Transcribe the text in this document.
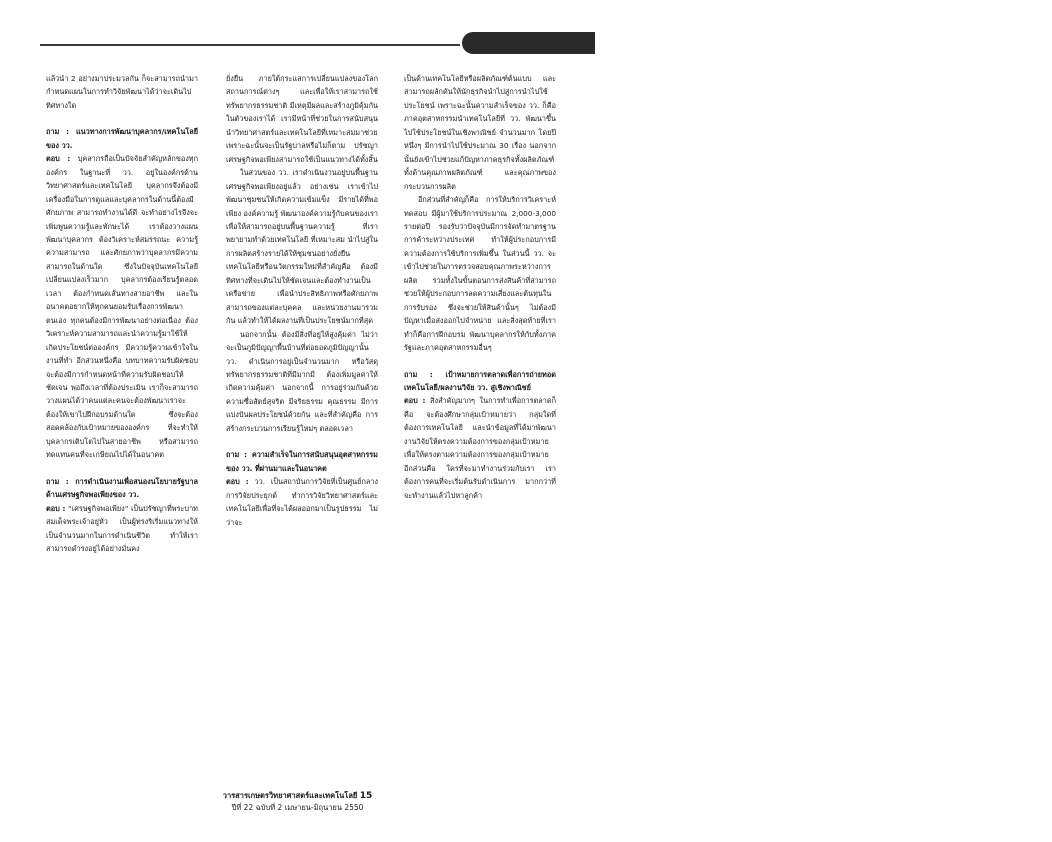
คุยเฟื่องเรื่องวิทย์

แล้วนำ 2 อย่างมาประมวลกัน ก็จะสามารถนำมากำหนดแผนในการทำวิจัยพัฒนาได้ว่าจะเดินไปทิศทางใด

ถาม : แนวทางการพัฒนาบุคลากร/เทคโนโลยีของ วว.

ตอบ : บุคลากรถือเป็นปัจจัยสำคัญหลักของทุกองค์กร ในฐานะที่ วว. อยู่ในองค์กรด้านวิทยาศาสตร์และเทคโนโลยี บุคลากรจึงต้องมีเครื่องมือในการดูแลและบุคลากรในด้านนี้ต้องมีศักยภาพ สามารถทำงานได้ดี จะทำอย่างไรจึงจะเพิ่มพูนความรู้และทักษะได้ เราต้องวางแผนพัฒนาบุคลากร ต้องวิเคราะห์สมรรถนะ ความรู้ความสามารถ และศักยภาพว่าบุคลากรมีความสามารถในด้านใด ซึ่งในปัจจุบันเทคโนโลยีเปลี่ยนแปลงเร็วมาก บุคลากรต้องเรียนรู้ตลอดเวลา ต้องกำหนดเส้นทางสายอาชีพ และในอนาคตอยากให้ทุกคนยอมรับเรื่องการพัฒนาตนเอง ทุกคนต้องมีการพัฒนาอย่างต่อเนื่อง ต้องวิเคราะห์ความสามารถและนำความรู้มาใช้ให้เกิดประโยชน์ต่อองค์กร มีความรู้ความเข้าใจในงานที่ทำ อีกส่วนหนึ่งคือ บทบาทความรับผิดชอบ จะต้องมีการกำหนดหน้าที่ความรับผิดชอบให้ชัดเจน พอถึงเวลาที่ต้องประเมิน เราก็จะสามารถวางแผนได้ว่าคนแต่ละคนจะต้องพัฒนาเราจะต้องให้เขาไปฝึกอบรมด้านใด ซึ่งจะต้องสอดคล้องกับเป้าหมายขององค์กร ที่จะทำให้บุคลากรเติบโตไปในสายอาชีพ หรือสามารถทดแทนคนที่จะเกษียณไปได้ในอนาคต

ถาม : การดำเนินงานเพื่อสนองนโยบายรัฐบาลด้านเศรษฐกิจพอเพียงของ วว.

ตอบ : “เศรษฐกิจพอเพียง” เป็นปรัชญาที่พระบาทสมเด็จพระเจ้าอยู่หัว เป็นผู้ทรงริเริ่มแนวทางให้เป็นจำนวนมากในการดำเนินชีวิต ทำให้เราสามารถดำรงอยู่ได้อย่างมั่นคง

ยั่งยืน ภายใต้กระแสการเปลี่ยนแปลงของโลกสถานการณ์ต่างๆ และเพื่อให้เราสามารถใช้ทรัพยากรธรรมชาติ มีเหตุมีผลและสร้างภูมิคุ้มกันในตัวของเราได้ เรามีหน้าที่ช่วยในการสนับสนุน นำวิทยาศาสตร์และเทคโนโลยีที่เหมาะสมมาช่วย เพราะฉะนั้นจะเป็นรัฐบาลหรือไม่ก็ตาม ปรัชญาเศรษฐกิจพอเพียงสามารถใช้เป็นแนวทางได้ทั้งสิ้น

ในส่วนของ วว. เราดำเนินงานอยู่บนพื้นฐานเศรษฐกิจพอเพียงอยู่แล้ว อย่างเช่น เราเข้าไปพัฒนาชุมชนให้เกิดความเข้มแข็ง มีรายได้ที่พอเพียง องค์ความรู้ พัฒนาองค์ความรู้กับคนของเรา เพื่อให้สามารถอยู่บนพื้นฐานความรู้ ที่เราพยายามทำด้วยเทคโนโลยี ที่เหมาะสม นำไปสู่ในการผลิตสร้างรายได้ให้ชุมชนอย่างยั่งยืน เทคโนโลยีหรือนวัตกรรมใหม่ที่สำคัญคือ ต้องมีทิศทางที่จะเดินไปให้ชัดเจนและต้องทำงานเป็นเครือข่าย เพื่อนำประสิทธิภาพหรือศักยภาพสามารถของแต่ละบุคคล และหน่วยงานมารวมกัน แล้วทำให้ได้ผลงานที่เป็นประโยชน์มากที่สุด

นอกจากนั้น ต้องมีสิ่งที่อยู่ให้สูงคุ้มค่า ไม่ว่าจะเป็นภูมิปัญญาพื้นบ้านที่ต่อยอดภูมิปัญญานั้น วว. ดำเนินการอยู่เป็นจำนวนมาก หรือวัสดุ ทรัพยากรธรรมชาติที่มีมากมี ต้องเพิ่มมูลค่าให้เกิดความคุ้มค่า นอกจากนี้ การอยู่ร่วมกันด้วยความซื่อสัตย์สุจริต มีจริยธรรม คุณธรรม มีการแบ่งปันผลประโยชน์ด้วยกัน และที่สำคัญคือ การสร้างกระบวนการเรียนรู้ใหม่ๆ ตลอดเวลา

ถาม : ความสำเร็จในการสนับสนุนอุตสาหกรรมของ วว. ที่ผ่านมาและในอนาคต

ตอบ : วว. เป็นสถาบันการวิจัยที่เป็นศูนย์กลางการวิจัยประยุกต์ ทำการวิจัยวิทยาศาสตร์และเทคโนโลยีเพื่อที่จะได้ผลออกมาเป็นรูปธรรม ไม่ว่าจะ

เป็นด้านเทคโนโลยีหรือผลิตภัณฑ์ต้นแบบ และสามารถผลักดันให้นักธุรกิจนำไปสู่การนำไปใช้ประโยชน์ เพราะฉะนั้นความสำเร็จของ วว. ก็คือ ภาคอุตสาหกรรมนำเทคโนโลยีที่ วว. พัฒนาขึ้นไปใช้ประโยชน์ในเชิงพาณิชย์ จำนวนมาก โดยปีหนึ่งๆ มีการนำไปใช้ประมาณ 30 เรื่อง นอกจากนั้นยังเข้าไปช่วยแก้ปัญหาภาคธุรกิจทั้งผลิตภัณฑ์ ทั้งด้านคุณภาพผลิตภัณฑ์ และคุณภาพของกระบวนการผลิต

อีกส่วนที่สำคัญก็คือ การให้บริการวิเคราะห์ทดสอบ มีผู้มาใช้บริการประมาณ 2,000-3,000 รายต่อปี รองรับว่าปัจจุบันมีการจัดทำมาตรฐานการค้าระหว่างประเทศ ทำให้ผู้ประกอบการมีความต้องการใช้บริการเพิ่มขึ้น ในส่วนนี้ วว. จะเข้าไปช่วยในการตรวจสอบคุณภาพระหว่างการผลิต รวมทั้งในขั้นตอนการส่งสินค้าที่สามารถช่วยให้ผู้ประกอบการลดความเสี่ยงและต้นทุนในการรับรอง ซึ่งจะช่วยให้สินค้านั้นๆ ไม่ต้องมีปัญหาเมื่อส่งออกไปจำหน่าย และสิ่งสุดท้ายที่เราทำก็คือการฝึกอบรม พัฒนาบุคลากรให้กับทั้งภาครัฐและภาคอุตสาหกรรมอื่นๆ

ถาม : เป้าหมายการตลาดเพื่อการถ่ายทอดเทคโนโลยี/ผลงานวิจัย วว. สู่เชิงพาณิชย์

ตอบ : สิ่งสำคัญมากๆ ในการทำเพื่อการตลาดก็คือ จะต้องศึกษากลุ่มเป้าหมายว่า กลุ่มใดที่ต้องการเทคโนโลยี และนำข้อมูลที่ได้มาพัฒนางานวิจัยให้ตรงความต้องการของกลุ่มเป้าหมาย เพื่อให้ตรงตามความต้องการของกลุ่มเป้าหมาย อีกส่วนคือ ใครที่จะมาทำงานร่วมกับเรา เราต้องการคนที่จะเริ่มต้นรับดำเนินการ มากกว่าที่จะทำงานแล้วไปหาลูกค้า

วารสารเกษตรวิทยาศาสตร์และเทคโนโลยี 15
ปีที่ 22 ฉบับที่ 2 เมษายน-มิถุนายน 2550
